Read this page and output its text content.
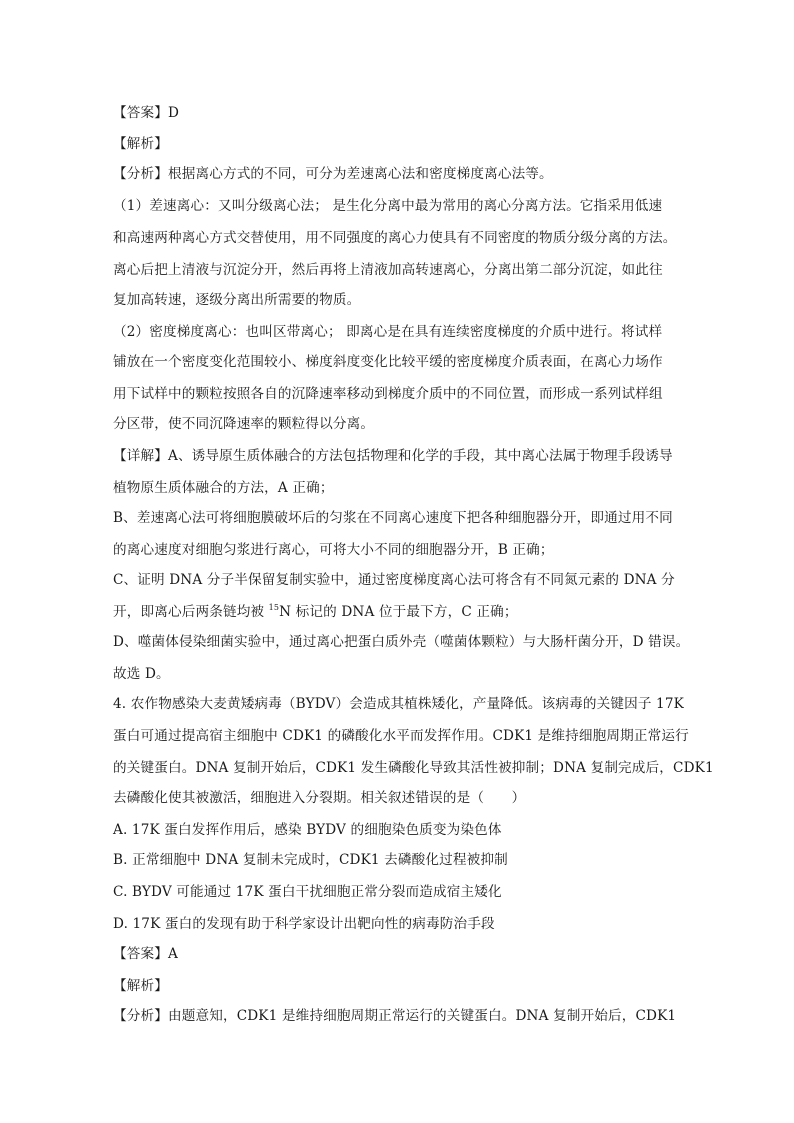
【答案】D
【解析】
【分析】根据离心方式的不同，可分为差速离心法和密度梯度离心法等。
（1）差速离心：又叫分级离心法； 是生化分离中最为常用的离心分离方法。它指采用低速
和高速两种离心方式交替使用，用不同强度的离心力使具有不同密度的物质分级分离的方法。
离心后把上清液与沉淀分开，然后再将上清液加高转速离心，分离出第二部分沉淀，如此往
复加高转速，逐级分离出所需要的物质。
（2）密度梯度离心：也叫区带离心； 即离心是在具有连续密度梯度的介质中进行。将试样
铺放在一个密度变化范围较小、梯度斜度变化比较平缓的密度梯度介质表面，在离心力场作
用下试样中的颗粒按照各自的沉降速率移动到梯度介质中的不同位置，而形成一系列试样组
分区带，使不同沉降速率的颗粒得以分离。
【详解】A、诱导原生质体融合的方法包括物理和化学的手段，其中离心法属于物理手段诱导
植物原生质体融合的方法，A 正确；
B、差速离心法可将细胞膜破坏后的匀浆在不同离心速度下把各种细胞器分开，即通过用不同
的离心速度对细胞匀浆进行离心，可将大小不同的细胞器分开，B 正确；
C、证明 DNA 分子半保留复制实验中，通过密度梯度离心法可将含有不同氮元素的 DNA 分
开，即离心后两条链均被 $^{15}$N 标记的 DNA 位于最下方，C 正确；
D、噬菌体侵染细菌实验中，通过离心把蛋白质外壳（噬菌体颗粒）与大肠杆菌分开，D 错误。
故选 D。
4. 农作物感染大麦黄矮病毒（BYDV）会造成其植株矮化，产量降低。该病毒的关键因子 17K
蛋白可通过提高宿主细胞中 CDK1 的磷酸化水平而发挥作用。CDK1 是维持细胞周期正常运行
的关键蛋白。DNA 复制开始后，CDK1 发生磷酸化导致其活性被抑制；DNA 复制完成后，CDK1
去磷酸化使其被激活，细胞进入分裂期。相关叙述错误的是（　　）
A. 17K 蛋白发挥作用后，感染 BYDV 的细胞染色质变为染色体
B. 正常细胞中 DNA 复制未完成时，CDK1 去磷酸化过程被抑制
C. BYDV 可能通过 17K 蛋白干扰细胞正常分裂而造成宿主矮化
D. 17K 蛋白的发现有助于科学家设计出靶向性的病毒防治手段
【答案】A
【解析】
【分析】由题意知，CDK1 是维持细胞周期正常运行的关键蛋白。DNA 复制开始后，CDK1
